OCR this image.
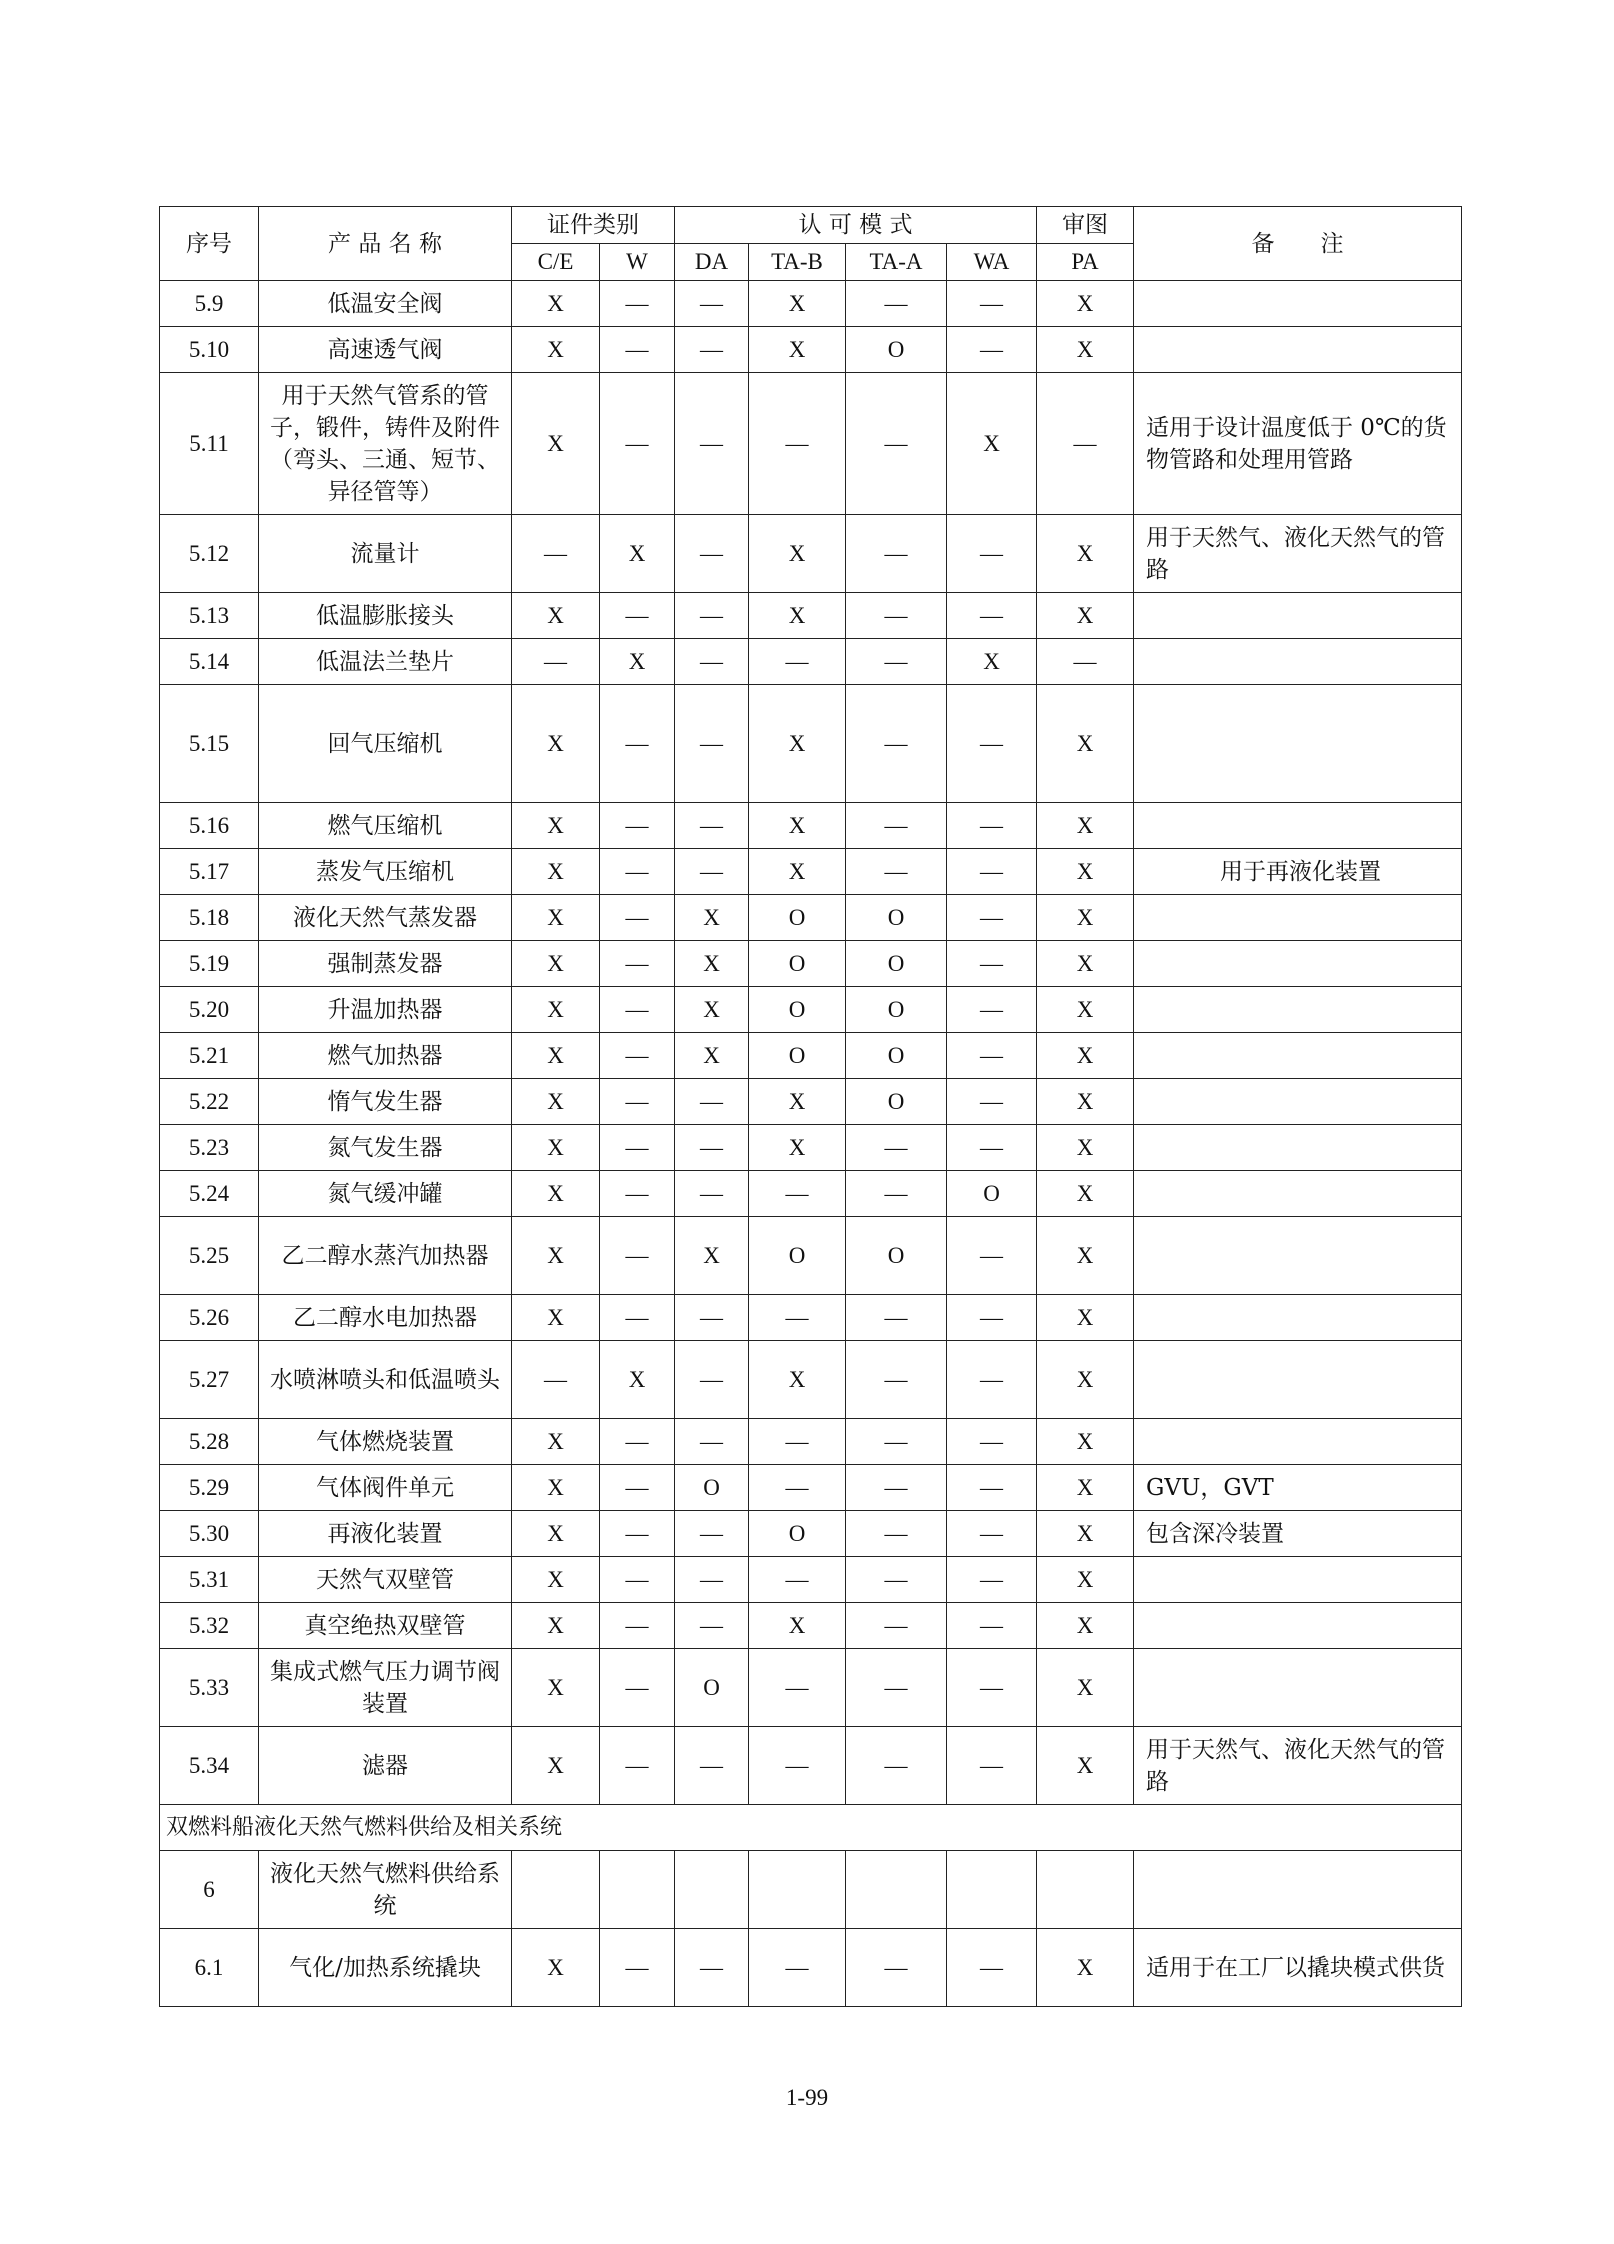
序号	产 品 名 称	证件类别		认 可 模 式				审图	备　　注
		C/E	W	DA	TA-B	TA-A	WA	PA	
5.9	低温安全阀	X	—	—	X	—	—	X	
5.10	高速透气阀	X	—	—	X	O	—	X	
5.11	用于天然气管系的管子，锻件，铸件及附件（弯头、三通、短节、异径管等）	X	—	—	—	—	X	—	适用于设计温度低于 0℃的货物管路和处理用管路
5.12	流量计	—	X	—	X	—	—	X	用于天然气、液化天然气的管路
5.13	低温膨胀接头	X	—	—	X	—	—	X	
5.14	低温法兰垫片	—	X	—	—	—	X	—	
5.15	回气压缩机	X	—	—	X	—	—	X	
5.16	燃气压缩机	X	—	—	X	—	—	X	
5.17	蒸发气压缩机	X	—	—	X	—	—	X	用于再液化装置
5.18	液化天然气蒸发器	X	—	X	O	O	—	X	
5.19	强制蒸发器	X	—	X	O	O	—	X	
5.20	升温加热器	X	—	X	O	O	—	X	
5.21	燃气加热器	X	—	X	O	O	—	X	
5.22	惰气发生器	X	—	—	X	O	—	X	
5.23	氮气发生器	X	—	—	X	—	—	X	
5.24	氮气缓冲罐	X	—	—	—	—	O	X	
5.25	乙二醇水蒸汽加热器	X	—	X	O	O	—	X	
5.26	乙二醇水电加热器	X	—	—	—	—	—	X	
5.27	水喷淋喷头和低温喷头	—	X	—	X	—	—	X	
5.28	气体燃烧装置	X	—	—	—	—	—	X	
5.29	气体阀件单元	X	—	O	—	—	—	X	GVU，GVT
5.30	再液化装置	X	—	—	O	—	—	X	包含深冷装置
5.31	天然气双壁管	X	—	—	—	—	—	X	
5.32	真空绝热双壁管	X	—	—	X	—	—	X	
5.33	集成式燃气压力调节阀装置	X	—	O	—	—	—	X	
5.34	滤器	X	—	—	—	—	—	X	用于天然气、液化天然气的管路
双燃料船液化天然气燃料供给及相关系统									
6	液化天然气燃料供给系统								
6.1	气化/加热系统撬块	X	—	—	—	—	—	X	适用于在工厂以撬块模式供货
1-99
